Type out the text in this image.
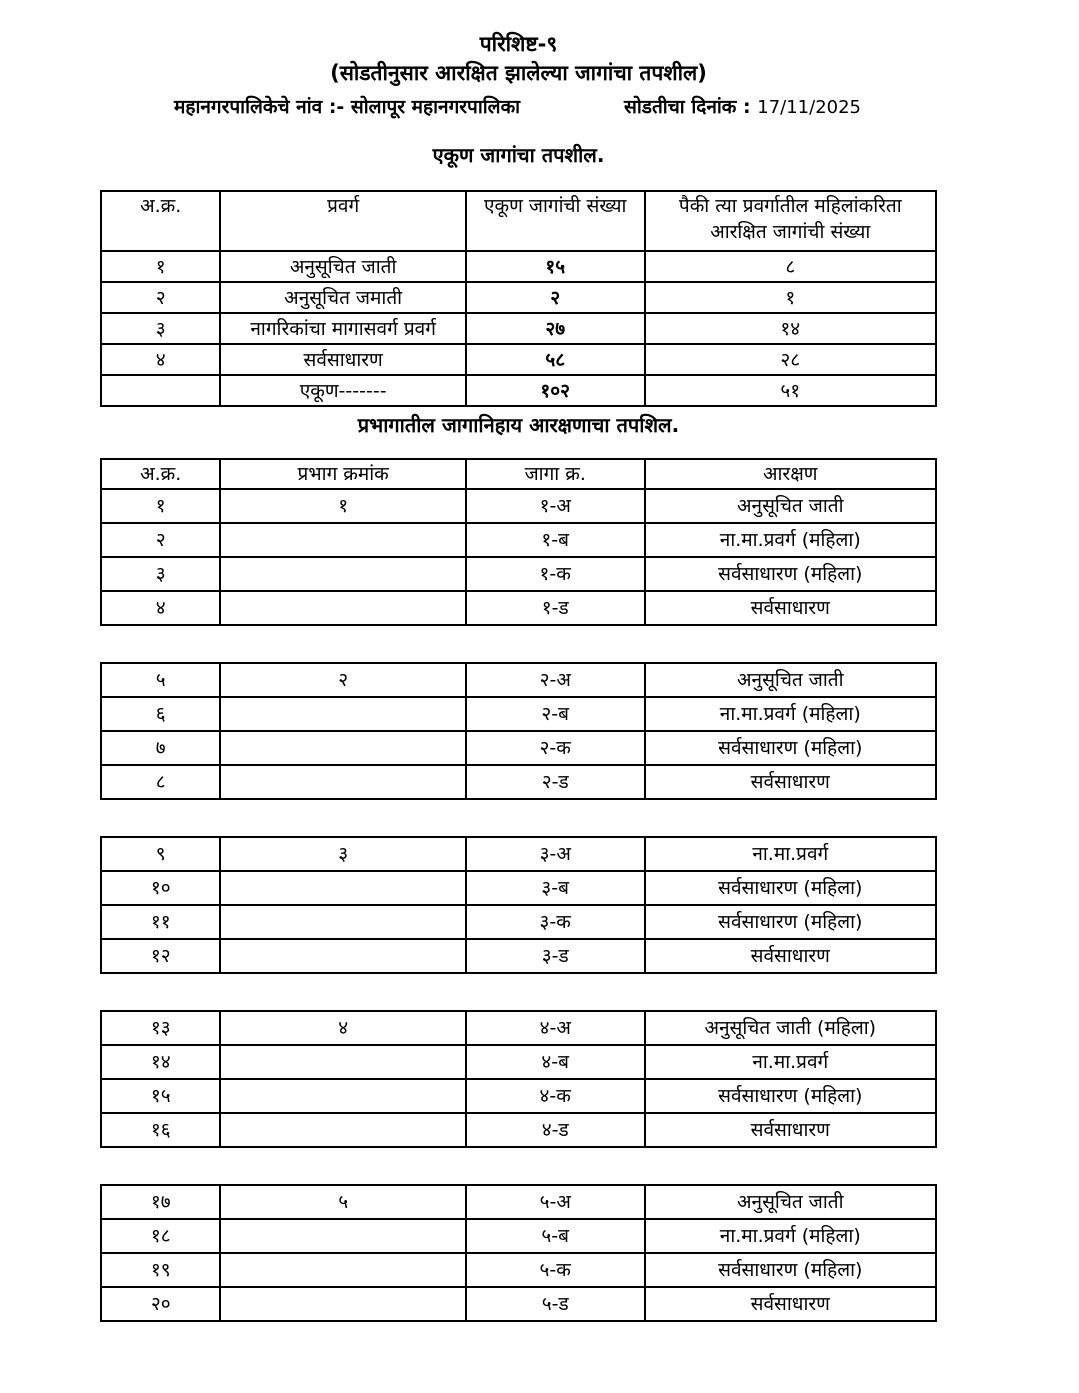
परिशिष्ट-९
(सोडतीनुसार आरक्षित झालेल्या जागांचा तपशील)
महानगरपालिकेचे नांव :- सोलापूर महानगरपालिका	सोडतीचा दिनांक : 17/11/2025
एकूण जागांचा तपशील.
अ.क्र.	प्रवर्ग	एकूण जागांची संख्या	पैकी त्या प्रवर्गातील महिलांकरिता आरक्षित जागांची संख्या
१	अनुसूचित जाती	१५	८
२	अनुसूचित जमाती	२	१
३	नागरिकांचा मागासवर्ग प्रवर्ग	२७	१४
४	सर्वसाधारण	५८	२८
	एकूण-------	१०२	५१
प्रभागातील जागानिहाय आरक्षणाचा तपशिल.
अ.क्र.	प्रभाग क्रमांक	जागा क्र.	आरक्षण
१	१	१-अ	अनुसूचित जाती
२		१-ब	ना.मा.प्रवर्ग (महिला)
३		१-क	सर्वसाधारण (महिला)
४		१-ड	सर्वसाधारण
५	२	२-अ	अनुसूचित जाती
६		२-ब	ना.मा.प्रवर्ग (महिला)
७		२-क	सर्वसाधारण (महिला)
८		२-ड	सर्वसाधारण
९	३	३-अ	ना.मा.प्रवर्ग
१०		३-ब	सर्वसाधारण (महिला)
११		३-क	सर्वसाधारण (महिला)
१२		३-ड	सर्वसाधारण
१३	४	४-अ	अनुसूचित जाती (महिला)
१४		४-ब	ना.मा.प्रवर्ग
१५		४-क	सर्वसाधारण (महिला)
१६		४-ड	सर्वसाधारण
१७	५	५-अ	अनुसूचित जाती
१८		५-ब	ना.मा.प्रवर्ग (महिला)
१९		५-क	सर्वसाधारण (महिला)
२०		५-ड	सर्वसाधारण
